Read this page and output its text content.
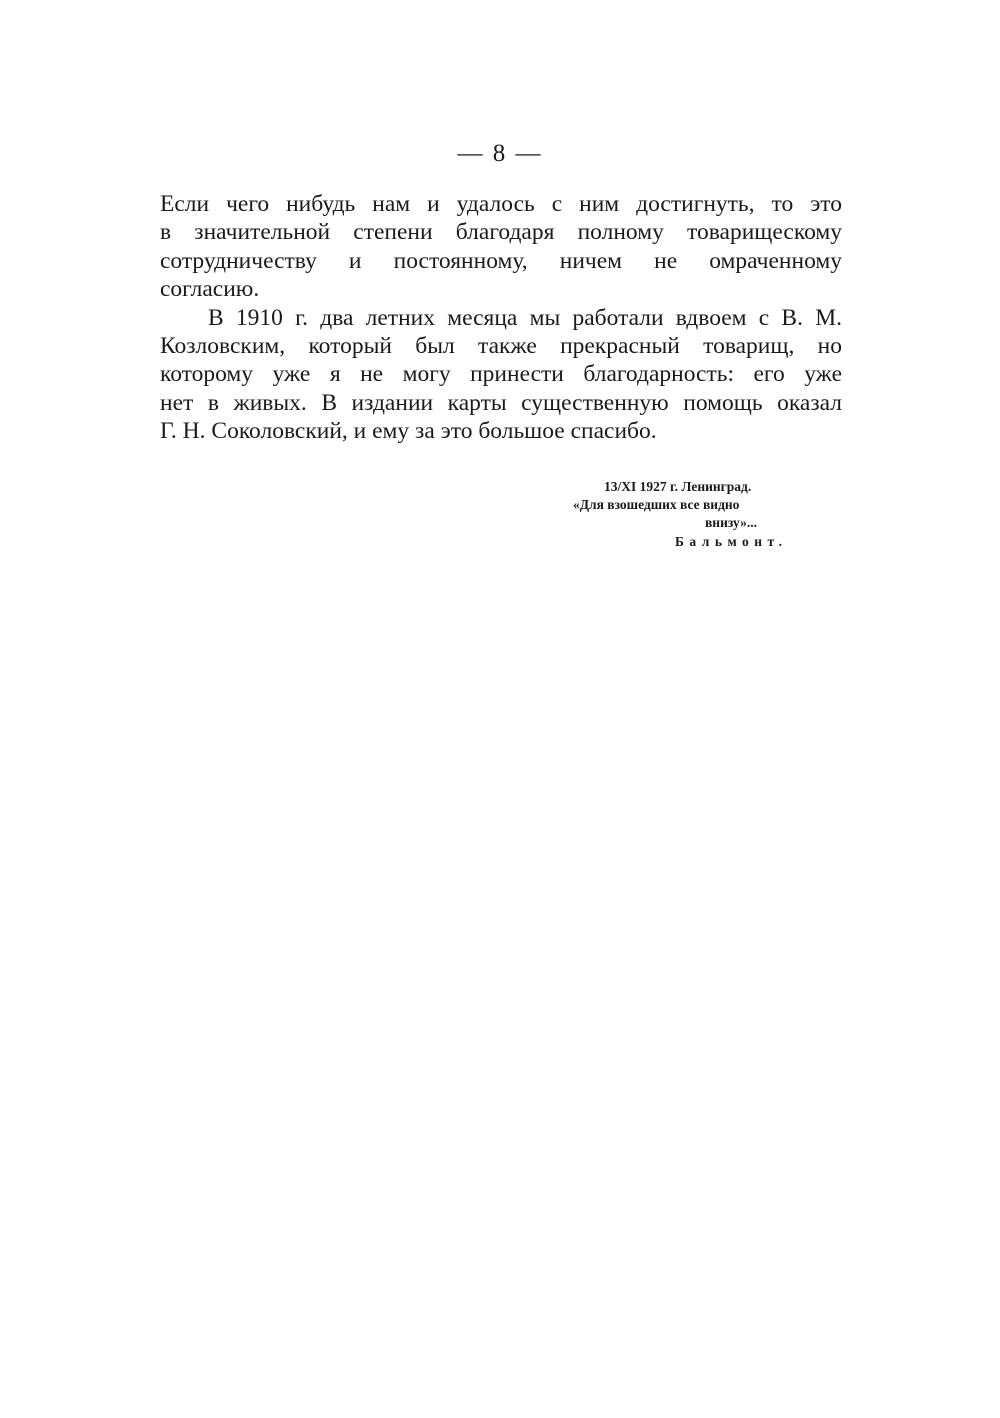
— 8 —

Если чего нибудь нам и удалось с ним достигнуть, то это
в значительной степени благодаря полному товарищескому
сотрудничеству и постоянному, ничем не омраченному
согласию.

В 1910 г. два летних месяца мы работали вдвоем с В. М.
Козловским, который был также прекрасный товарищ, но
которому уже я не могу принести благодарность: его уже
нет в живых. В издании карты существенную помощь оказал
Г. Н. Соколовский, и ему за это большое спасибо.

13/XI 1927 г. Ленинград.
«Для взошедших все видно
внизу»...
Бальмонт.
